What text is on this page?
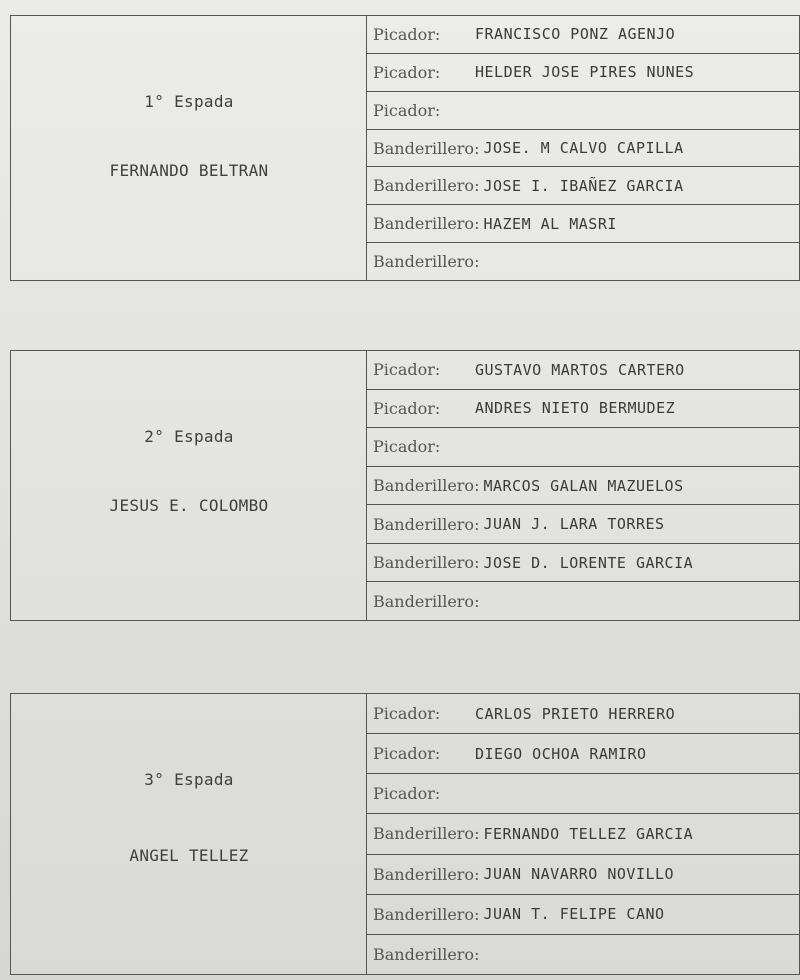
1° Espada
FERNANDO BELTRAN
Picador:	FRANCISCO PONZ AGENJO
Picador:	HELDER JOSE PIRES NUNES
Picador:
Banderillero: JOSE. M CALVO CAPILLA
Banderillero: JOSE I. IBAÑEZ GARCIA
Banderillero: HAZEM AL MASRI
Banderillero:
2° Espada
JESUS E. COLOMBO
Picador:	GUSTAVO MARTOS CARTERO
Picador:	ANDRES NIETO BERMUDEZ
Picador:
Banderillero: MARCOS GALAN MAZUELOS
Banderillero: JUAN J. LARA TORRES
Banderillero: JOSE D. LORENTE GARCIA
Banderillero:
3° Espada
ANGEL TELLEZ
Picador:	CARLOS PRIETO HERRERO
Picador:	DIEGO OCHOA RAMIRO
Picador:
Banderillero: FERNANDO TELLEZ GARCIA
Banderillero: JUAN NAVARRO NOVILLO
Banderillero: JUAN T. FELIPE CANO
Banderillero:
